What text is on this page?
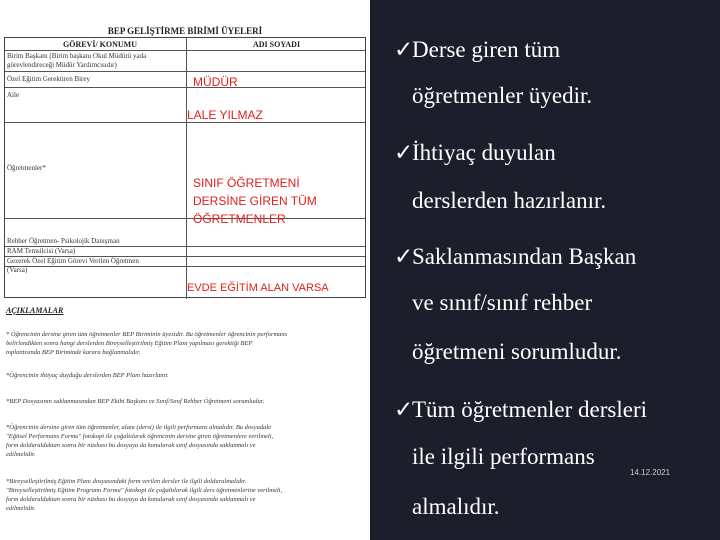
BEP GELİŞTİRME BİRİMİ ÜYELERİ
GÖREVİ/ KONUMU	ADI SOYADI
Birim Başkanı (Birim başkanı Okul Müdürü yada
görevlendireceği Müdür Yardımcısıdır)
Özel Eğitim Gerektiren Birey
Aile
Öğretmenler*
Rehber Öğretmen- Psikolojik Danışman
RAM Temsilcisi (Varsa)
Gezerek Özel Eğitim Görevi Verilen Öğretmen
(Varsa)
MÜDÜR
LALE YILMAZ
SINIF ÖĞRETMENİ
DERSİNE GİREN TÜM
ÖĞRETMENLER
EVDE EĞİTİM ALAN VARSA
AÇIKLAMALAR
* Öğrencinin dersine giren tüm öğretmenler BEP Biriminin üyesidir. Bu öğretmenler öğrencinin performans
belirlendikten sonra hangi derslerden Bireyselleştirilmiş Eğitim Planı yapılması gerektiği BEP
toplantısında BEP Biriminde karara bağlanmalıdır.
*Öğrencinin ihtiyaç duyduğu derslerden BEP Planı hazırlanır.
*BEP Dosyasının saklanmasından BEP Ekibi Başkanı ve Sınıf/Sınıf Rehber Öğretmeni sorumludur.
*Öğrencinin dersine giren tüm öğretmenler, alanı (dersi) ile ilgili performans almalıdır. Bu dosyadaki
"Eğitsel Performans Formu" fotokopi ile çoğaltılarak öğrencinin dersine giren öğretmenlere verilmeli,
form doldurulduktan sonra bir nüshası bu dosyaya da konularak sınıf dosyasında saklanmalı ve
edilmelidir.
*Bireyselleştirilmiş Eğitim Planı dosyasındaki form verilen dersler ile ilgili doldurulmalıdır.
"Bireyselleştirilmiş Eğitim Programı Formu" fotokopi ile çoğaltılarak ilgili ders öğretmenlerine verilmeli,
form doldurulduktan sonra bir nüshası bu dosyaya da konularak sınıf dosyasında saklanmalı ve
edilmelidir.
✓Derse giren tüm
öğretmenler üyedir.
✓İhtiyaç duyulan
derslerden hazırlanır.
✓Saklanmasından Başkan
ve sınıf/sınıf rehber
öğretmeni sorumludur.
✓Tüm öğretmenler dersleri
ile ilgili performans
almalıdır.
14.12.2021
